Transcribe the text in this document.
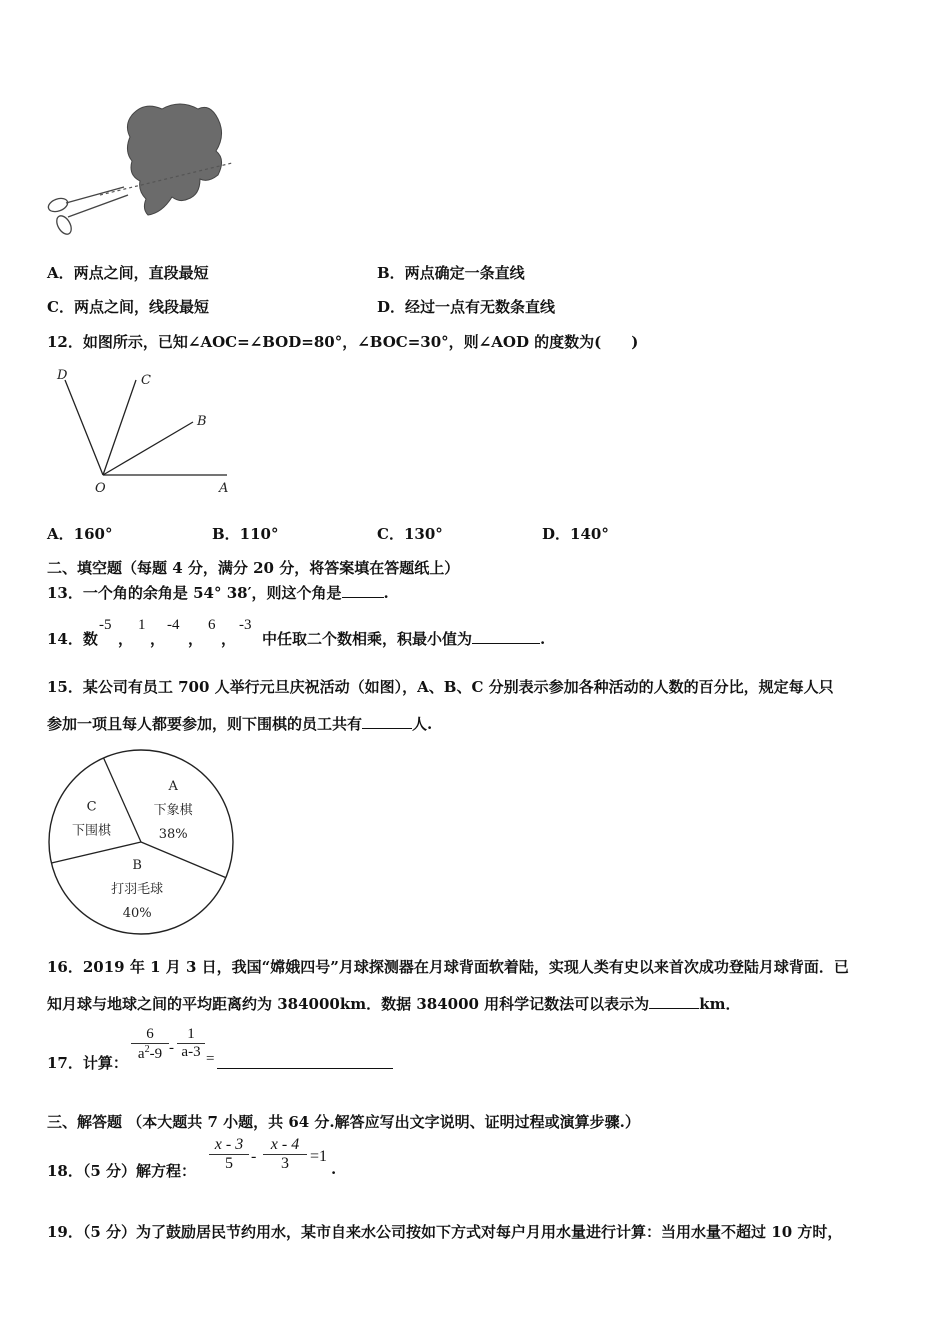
A．两点之间，直段最短	B．两点确定一条直线
C．两点之间，线段最短	D．经过一点有无数条直线
12．如图所示，已知∠AOC=∠BOD=80°，∠BOC=30°，则∠AOD 的度数为(　　)
D	C
B
O	A
A．160°	B．110°	C．130°	D．140°
二、填空题（每题 4 分，满分 20 分，将答案填在答题纸上）
13．一个角的余角是 54° 38′，则这个角是	.
14．数
-5
，
1
，
-4
，
6
，
-3
中任取二个数相乘，积最小值为	.
15．某公司有员工 700 人举行元旦庆祝活动（如图），A、B、C 分别表示参加各种活动的人数的百分比，规定每人只
参加一项且每人都要参加，则下围棋的员工共有	人.
A
下象棋
38%
B
打羽毛球
40%
C
下围棋
16．2019 年 1 月 3 日，我国“嫦娥四号”月球探测器在月球背面软着陆，实现人类有史以来首次成功登陆月球背面．已
知月球与地球之间的平均距离约为 384000km．数据 384000 用科学记数法可以表示为	km．
17．计算： $\frac{6}{a^2-9} - \frac{1}{a-3}$ =
三、解答题 （本大题共 7 小题，共 64 分.解答应写出文字说明、证明过程或演算步骤.）
18．（5 分）解方程： $\frac{x - 3}{5} - \frac{x - 4}{3} =1$
.
19．（5 分）为了鼓励居民节约用水，某市自来水公司按如下方式对每户月用水量进行计算：当用水量不超过 10 方时，
